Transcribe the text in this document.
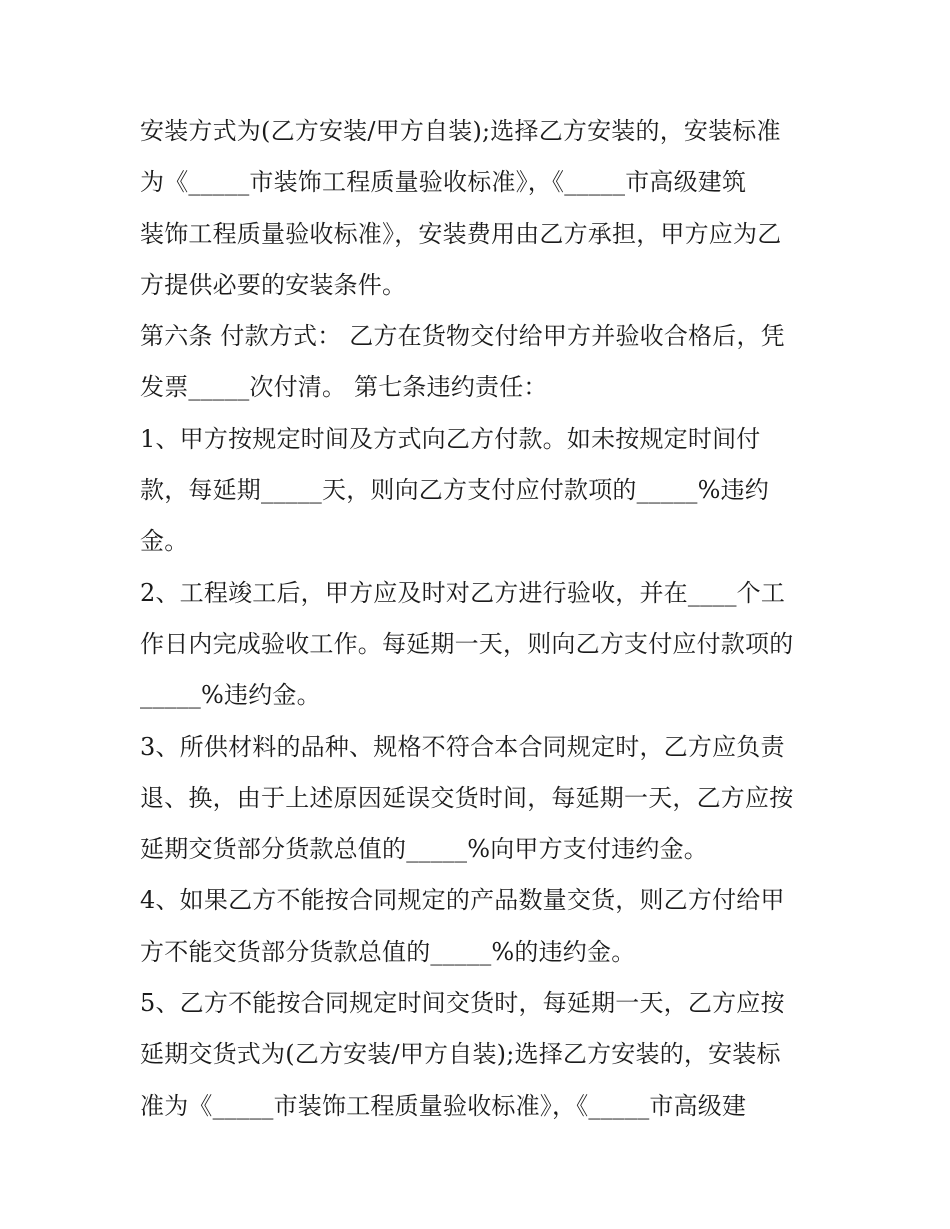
安装方式为(乙方安装/甲方自装);选择乙方安装的，安装标准
为《_____市装饰工程质量验收标准》，《_____市高级建筑
装饰工程质量验收标准》，安装费用由乙方承担，甲方应为乙
方提供必要的安装条件。
第六条 付款方式： 乙方在货物交付给甲方并验收合格后，凭
发票_____次付清。 第七条违约责任：
1、甲方按规定时间及方式向乙方付款。如未按规定时间付
款，每延期_____天，则向乙方支付应付款项的_____%违约
金。
2、工程竣工后，甲方应及时对乙方进行验收，并在____个工
作日内完成验收工作。每延期一天，则向乙方支付应付款项的
_____%违约金。
3、所供材料的品种、规格不符合本合同规定时，乙方应负责
退、换，由于上述原因延误交货时间，每延期一天，乙方应按
延期交货部分货款总值的_____%向甲方支付违约金。
4、如果乙方不能按合同规定的产品数量交货，则乙方付给甲
方不能交货部分货款总值的_____%的违约金。
5、乙方不能按合同规定时间交货时，每延期一天，乙方应按
延期交货式为(乙方安装/甲方自装);选择乙方安装的，安装标
准为《_____市装饰工程质量验收标准》，《_____市高级建
